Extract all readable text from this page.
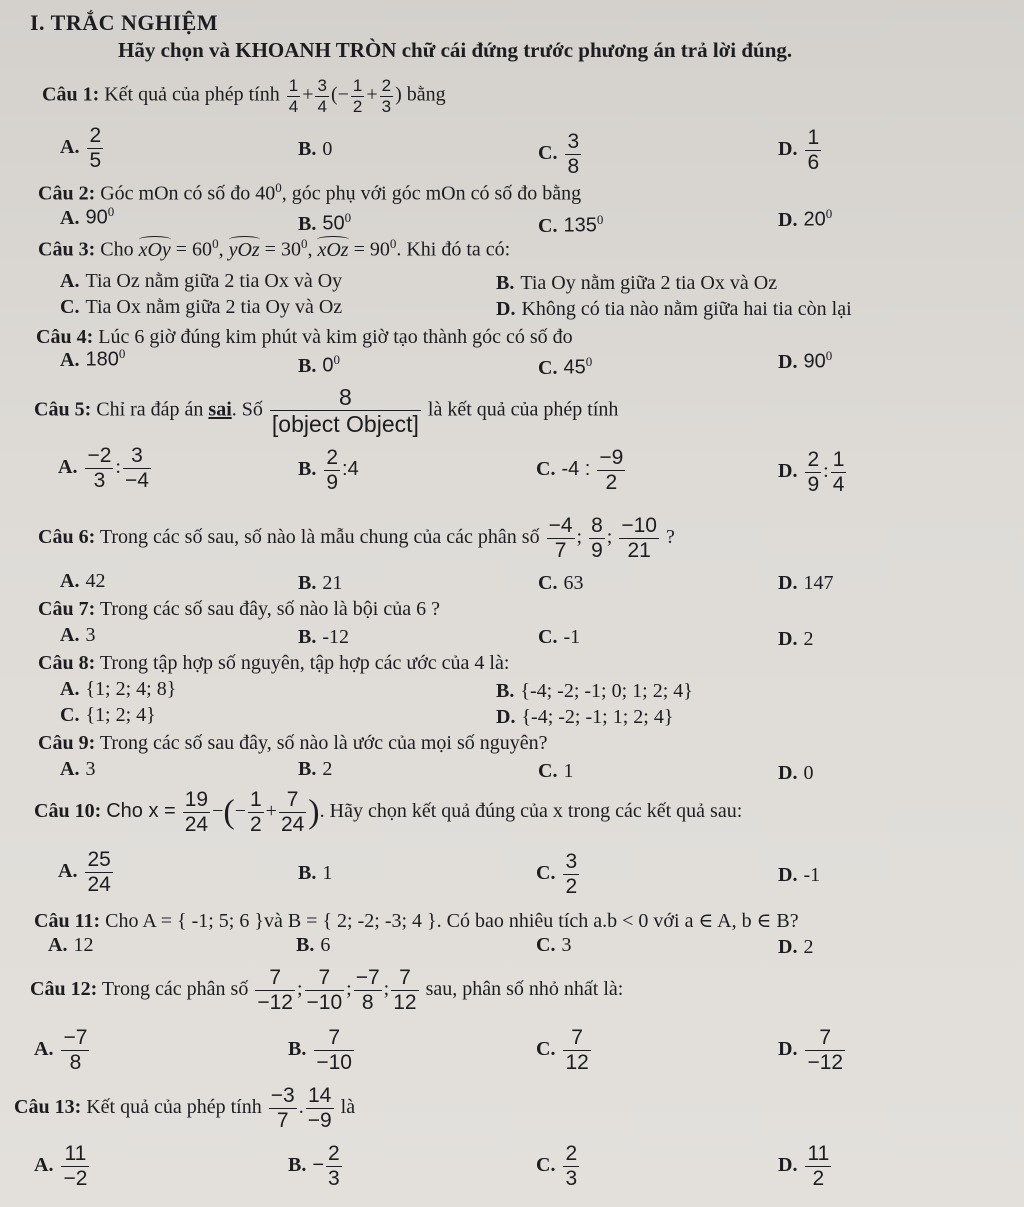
I. TRẮC NGHIỆM
Hãy chọn và KHOANH TRÒN chữ cái đứng trước phương án trả lời đúng.
Câu 1: Kết quả của phép tính $\frac{1}{4} + \frac{3}{4}$ (− $\frac{1}{2} + \frac{2}{3}$ ) bằng
A. $\frac{2}{5}$	B. 0	C. $\frac{3}{8}$	D. $\frac{1}{6}$
Câu 2: Góc mOn có số đo $40^0$, góc phụ với góc mOn có số đo bằng
A. $90^0$
B. $50^0$	C. $135^0$	D. $20^0$
Câu 3: Cho xOy = $60^0$, yOz = $30^0$, xOz = $90^0$. Khi đó ta có:
A. Tia Oz nằm giữa 2 tia Ox và Oy	B. Tia Oy nằm giữa 2 tia Ox và Oz
C. Tia Ox nằm giữa 2 tia Oy và Oz	D. Không có tia nào nằm giữa hai tia còn lại
Câu 4: Lúc 6 giờ đúng kim phút và kim giờ tạo thành góc có số đo
A. $180^0$
B. $0^0$	C. $45^0$	D. $90^0$
Câu 5: Chỉ ra đáp án sai. Số $\frac{8}{\text{[object Object]}}$ là kết quả của phép tính
A. $\frac{-2}{3}$ : $\frac{3}{-4}$	B. $\frac{2}{9}$ :4	C. -4 : $\frac{-9}{2}$	D. $\frac{2}{9}$ : $\frac{1}{4}$
Câu 6: Trong các số sau, số nào là mẫu chung của các phân số $\frac{-4}{7}$ ; $\frac{8}{9}$ ; $\frac{-10}{21}$ ?
A. 42	B. 21	C. 63	D. 147
Câu 7: Trong các số sau đây, số nào là bội của 6 ?
A. 3	B. -12	C. -1	D. 2
Câu 8: Trong tập hợp số nguyên, tập hợp các ước của 4 là:
A. {1; 2; 4; 8}	B. {-4; -2; -1; 0; 1; 2; 4}
C. {1; 2; 4}	D. {-4; -2; -1; 1; 2; 4}
Câu 9: Trong các số sau đây, số nào là ước của mọi số nguyên?
A. 3	B. 2	C. 1	D. 0
Câu 10: Cho $x = \frac{19}{24}$ −(− $\frac{1}{2} + \frac{7}{24}$ ). Hãy chọn kết quả đúng của x trong các kết quả sau:
A. $\frac{25}{24}$	B. 1	C. $\frac{3}{2}$	D. -1
Câu 11: Cho A = { -1; 5; 6 }và B = { 2; -2; -3; 4 }. Có bao nhiêu tích a.b < 0 với a ∈ A, b ∈ B?
A. 12	B. 6	C. 3	D. 2
Câu 12: Trong các phân số $\frac{7}{-12}$ ; $\frac{7}{-10}$ ; $\frac{-7}{8}$ ; $\frac{7}{12}$ sau, phân số nhỏ nhất là:
A. $\frac{-7}{8}$	B. $\frac{7}{-10}$	C. $\frac{7}{12}$	D. $\frac{7}{-12}$
Câu 13: Kết quả của phép tính $\frac{-3}{7}$ . $\frac{14}{-9}$ là
A. $\frac{11}{-2}$	B. − $\frac{2}{3}$	C. $\frac{2}{3}$	D. $\frac{11}{2}$
